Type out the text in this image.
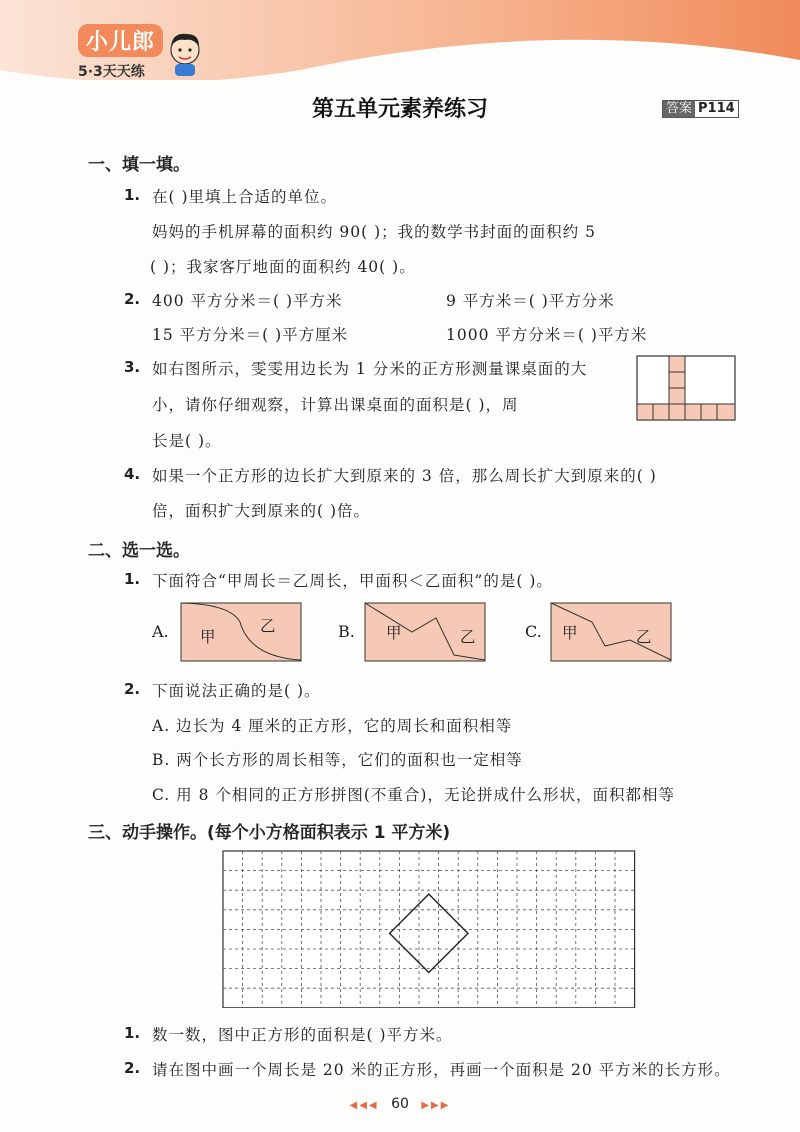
小儿郎
5·3天天练
第五单元素养练习	答案 P114
一、填一填。
1. 在( )里填上合适的单位。
妈妈的手机屏幕的面积约 90( )；我的数学书封面的面积约 5
( )；我家客厅地面的面积约 40( )。
2. 400 平方分米＝( )平方米	9 平方米＝( )平方分米
15 平方分米＝( )平方厘米	1000 平方分米＝( )平方米
3. 如右图所示，雯雯用边长为 1 分米的正方形测量课桌面的大
小，请你仔细观察，计算出课桌面的面积是( )，周
长是( )。
4. 如果一个正方形的边长扩大到原来的 3 倍，那么周长扩大到原来的( )
倍，面积扩大到原来的( )倍。
二、选一选。
1. 下面符合“甲周长＝乙周长，甲面积＜乙面积”的是( )。
A. 甲
乙	B. 甲	乙	C. 甲	乙
2. 下面说法正确的是( )。
A. 边长为 4 厘米的正方形，它的周长和面积相等
B. 两个长方形的周长相等，它们的面积也一定相等
C. 用 8 个相同的正方形拼图(不重合)，无论拼成什么形状，面积都相等
三、动手操作。(每个小方格面积表示 1 平方米)
1. 数一数，图中正方形的面积是( )平方米。
2. 请在图中画一个周长是 20 米的正方形，再画一个面积是 20 平方米的长方形。
◀◀◀ 60 ▶▶▶
